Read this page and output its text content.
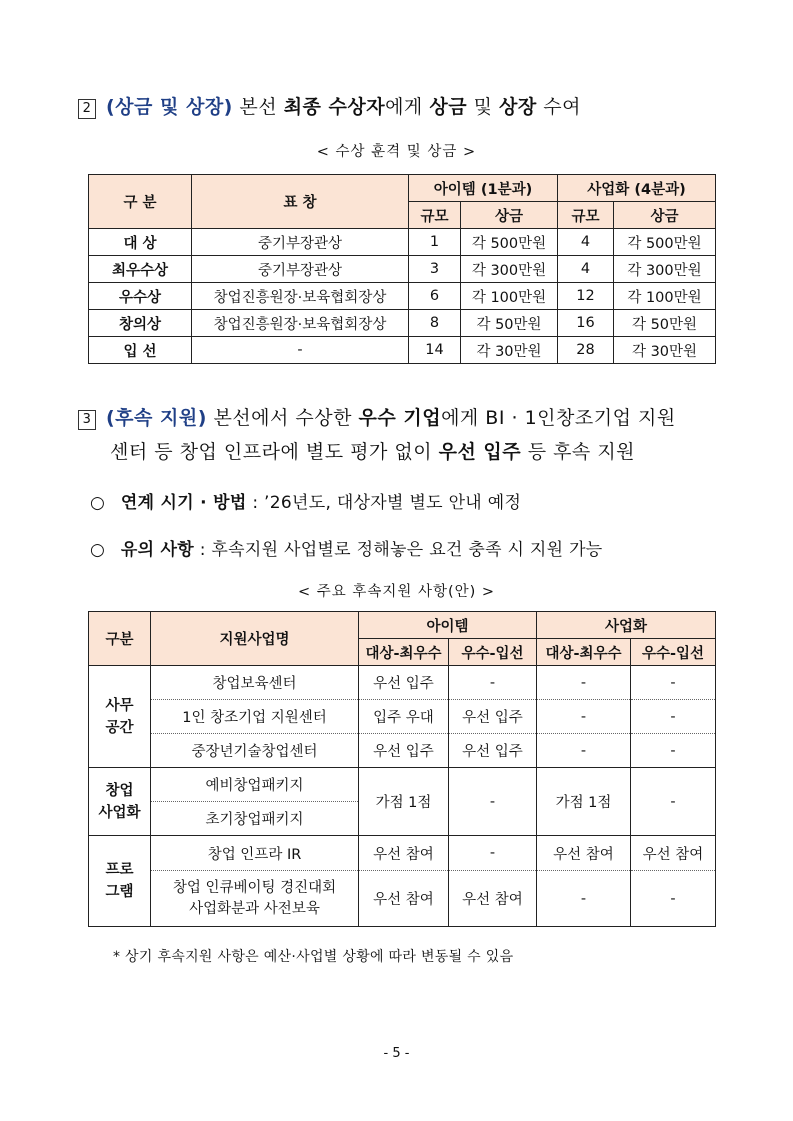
2 (상금 및 상장) 본선 최종 수상자에게 상금 및 상장 수여
< 수상 훈격 및 상금 >
구 분	표 창	아이템 (1분과)		사업화 (4분과)	
		규모	상금	규모	상금
대 상	중기부장관상	1	각 500만원	4	각 500만원
최우수상	중기부장관상	3	각 300만원	4	각 300만원
우수상	창업진흥원장·보육협회장상	6	각 100만원	12	각 100만원
창의상	창업진흥원장·보육협회장상	8	각 50만원	16	각 50만원
입 선	-	14	각 30만원	28	각 30만원
3 (후속 지원) 본선에서 수상한 우수 기업에게 BI · 1인창조기업 지원
센터 등 창업 인프라에 별도 평가 없이 우선 입주 등 후속 지원
○ 연계 시기 · 방법 : ’26년도, 대상자별 별도 안내 예정
○ 유의 사항 : 후속지원 사업별로 정해놓은 요건 충족 시 지원 가능
< 주요 후속지원 사항(안) >
구분	지원사업명	아이템		사업화	
		대상-최우수	우수-입선	대상-최우수	우수-입선
사무
공간	창업보육센터	우선 입주	-	-	-
	1인 창조기업 지원센터	입주 우대	우선 입주	-	-
	중장년기술창업센터	우선 입주	우선 입주	-	-
창업
사업화	예비창업패키지	가점 1점	-	가점 1점	-
	초기창업패키지				
프로
그램	창업 인프라 IR	우선 참여	-	우선 참여	우선 참여
	창업 인큐베이팅 경진대회
사업화분과 사전보육	우선 참여	우선 참여	-	-
* 상기 후속지원 사항은 예산·사업별 상황에 따라 변동될 수 있음
- 5 -
